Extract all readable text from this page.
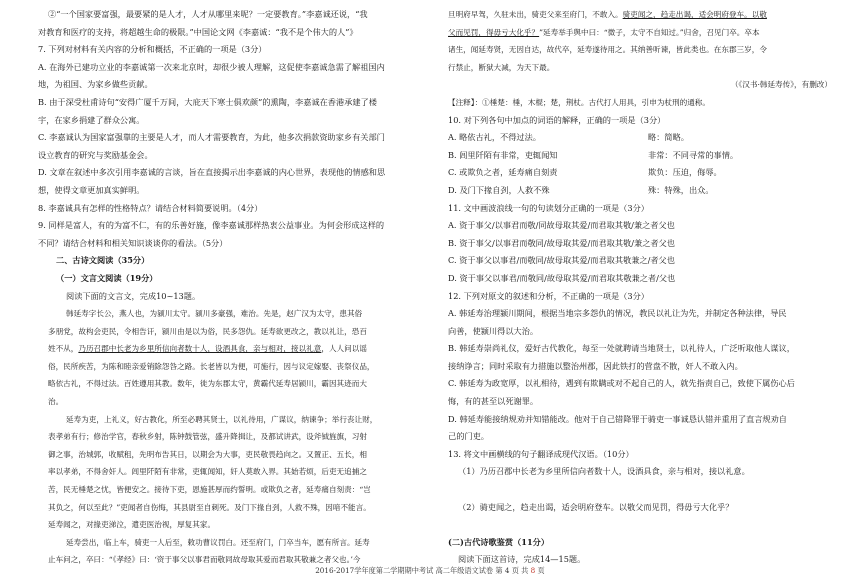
②“一个国家要富强，最要紧的是人才，人才从哪里来呢？一定要教育。”李嘉诚还说，“我

对教育和医疗的支持，将超越生命的极限。”中国论文网《李嘉诚：“我不是个伟大的人”》

7. 下列对材料有关内容的分析和概括，不正确的一项是（3分）

A. 在海外已建功立业的李嘉诚第一次来北京时，却很少被人理解，这促使李嘉诚急需了解祖国内

地，为祖国、为家乡做些贡献。

B. 由于深受杜甫诗句“安得广厦千万间，大庇天下寒士俱欢颜”的熏陶，李嘉诚在香港承建了楼

宇，在家乡捐建了群众公寓。

C. 李嘉诚认为国家富强靠的主要是人才，而人才需要教育，为此，他多次捐款资助家乡有关部门

设立教育的研究与奖励基金会。

D. 文章在叙述中多次引用李嘉诚的言谈，旨在直接揭示出李嘉诚的内心世界，表现他的情感和思

想，使得文章更加真实鲜明。

8. 李嘉诚具有怎样的性格特点？请结合材料简要说明。（4分）

9. 同样是富人，有的为富不仁，有的乐善好施，像李嘉诚那样热衷公益事业。为何会形成这样的

不同？请结合材料和相关知识谈谈你的看法。（5分）

二、古诗文阅读（35分）

（一）文言文阅读（19分）

阅读下面的文言文，完成10~13题。

韩延寿字长公，燕人也，为颍川太守。颍川多豪强，难治。先是，赵广汉为太守，患其俗

多朋党，故构会吏民，令相告讦，颍川由是以为俗，民多怨仇。延寿欲更改之，教以礼让，恐百

姓不从，乃历召郡中长老为乡里所信向者数十人，设酒具食，亲与相对，接以礼意，人人问以谣

俗，民所疾苦，为陈和睦亲爱销除怨咎之路。长老皆以为便，可施行，因与议定嫁娶、丧祭仪品，

略依古礼，不得过法。百姓遵用其教。数年，徙为东郡太守，黄霸代延寿居颍川，霸因其迹而大

治。

延寿为吏，上礼义，好古教化，所至必聘其贤士，以礼待用，广谋议，纳谏争；举行丧让财，

表孝弟有行；修治学官，春秋乡射，陈钟鼓管弦，盛升降揖让，及都试讲武，设斧钺旌旗，习射

御之事，治城郭，收赋租，先明布告其日，以期会为大事，吏民敬畏趋向之。又置正、五长，相

率以孝弟，不得舍奸人。闾里阡陌有非常，吏辄闻知，奸人莫敢入界。其始若烦，后吏无追捕之

苦，民无棰楚之忧，皆便安之。接待下吏，恩施甚厚而约誓明。或欺负之者，延寿痛自刻责：“岂

其负之，何以至此？”吏闻者自伤悔，其县尉至自刺死。及门下掾自刭，人救不殊，因喑不能言。

延寿闻之，对掾吏涕泣，遣吏医治视，厚复其家。

延寿尝出，临上车，骑吏一人后至，敕功曹议罚白。还至府门，门卒当车，愿有所言。延寿

止车问之，卒曰：“《孝经》曰：‘资于事父以事君而敬同故母取其爱而君取其敬兼之者父也。’今

旦明府早驾，久驻未出，骑吏父来至府门，不敢入。骑吏闻之，趋走出谒，适会明府登车。以敬

父而见罚，得毋亏大化乎？”延寿举手舆中曰：“微子，太守不自知过。”归舍，召见门卒。卒本

诸生，闻延寿贤，无因自达，故代卒，延寿遂待用之。其纳善听谏，皆此类也。在东郡三岁，令

行禁止，断狱大减，为天下最。

（《汉书·韩延寿传》，有删改）

【注释】：①棰楚：棰，木棍；楚，荆杖。古代打人用具，引申为杖刑的通称。

10. 对下列各句中加点的词语的解释，正确的一项是（3分）

A. 略依古礼，不得过法。	略：简略。

B. 闾里阡陌有非常，吏辄闻知	非常：不同寻常的事情。

C. 或欺负之者，延寿痛自刻责	欺负：压迫，侮辱。

D. 及门下掾自刭，人救不殊	殊：特殊，出众。

11. 文中画波浪线一句的句读划分正确的一项是（3分）

A. 资于事父/以事君而敬/同故母取其爱/而君取其敬/兼之者父也

B. 资于事父/以事君而敬同/故母取其爱/而君取其敬/兼之者父也

C. 资于事父以事君/而敬同/故母取其爱/而君取其敬兼之/者父也

D. 资于事父以事君/而敬同/故母取其爱/而君取其敬兼之者/父也

12. 下列对原文的叙述和分析，不正确的一项是（3分）

A. 韩延寿治理颍川期间，根据当地宗多怨仇的情况，教民以礼让为先，并制定各种法律，导民

向善，使颍川得以大治。

B. 韩延寿崇尚礼仪，爱好古代教化，每至一处就聘请当地贤士，以礼待人，广泛听取他人谋议，

接纳诤言；同时采取有力措施以整治州郡，因此铁打的营盘不散，奸人不敢入内。

C. 韩延寿为政宽厚，以礼相待，遇到有欺瞒或对不起自己的人，就先指责自己，致使下属伤心后

悔，有的甚至以死谢罪。

D. 韩延寿能接纳规劝并知错能改。他对于自己错降罪于骑吏一事诚恳认错并重用了直言规劝自

己的门吏。

13. 将文中画横线的句子翻译成现代汉语。（10分）

（1）乃历召郡中长老为乡里所信向者数十人，设酒具食，亲与相对，接以礼意。

（2）骑吏闻之，趋走出谒，适会明府登车。以敬父而见罚，得毋亏大化乎？

(二)古代诗歌鉴赏（11分）

阅读下面这首诗，完成14—15题。

2016-2017学年度第二学期期中考试 高二年级语文试卷 第 4 页 共 8 页
